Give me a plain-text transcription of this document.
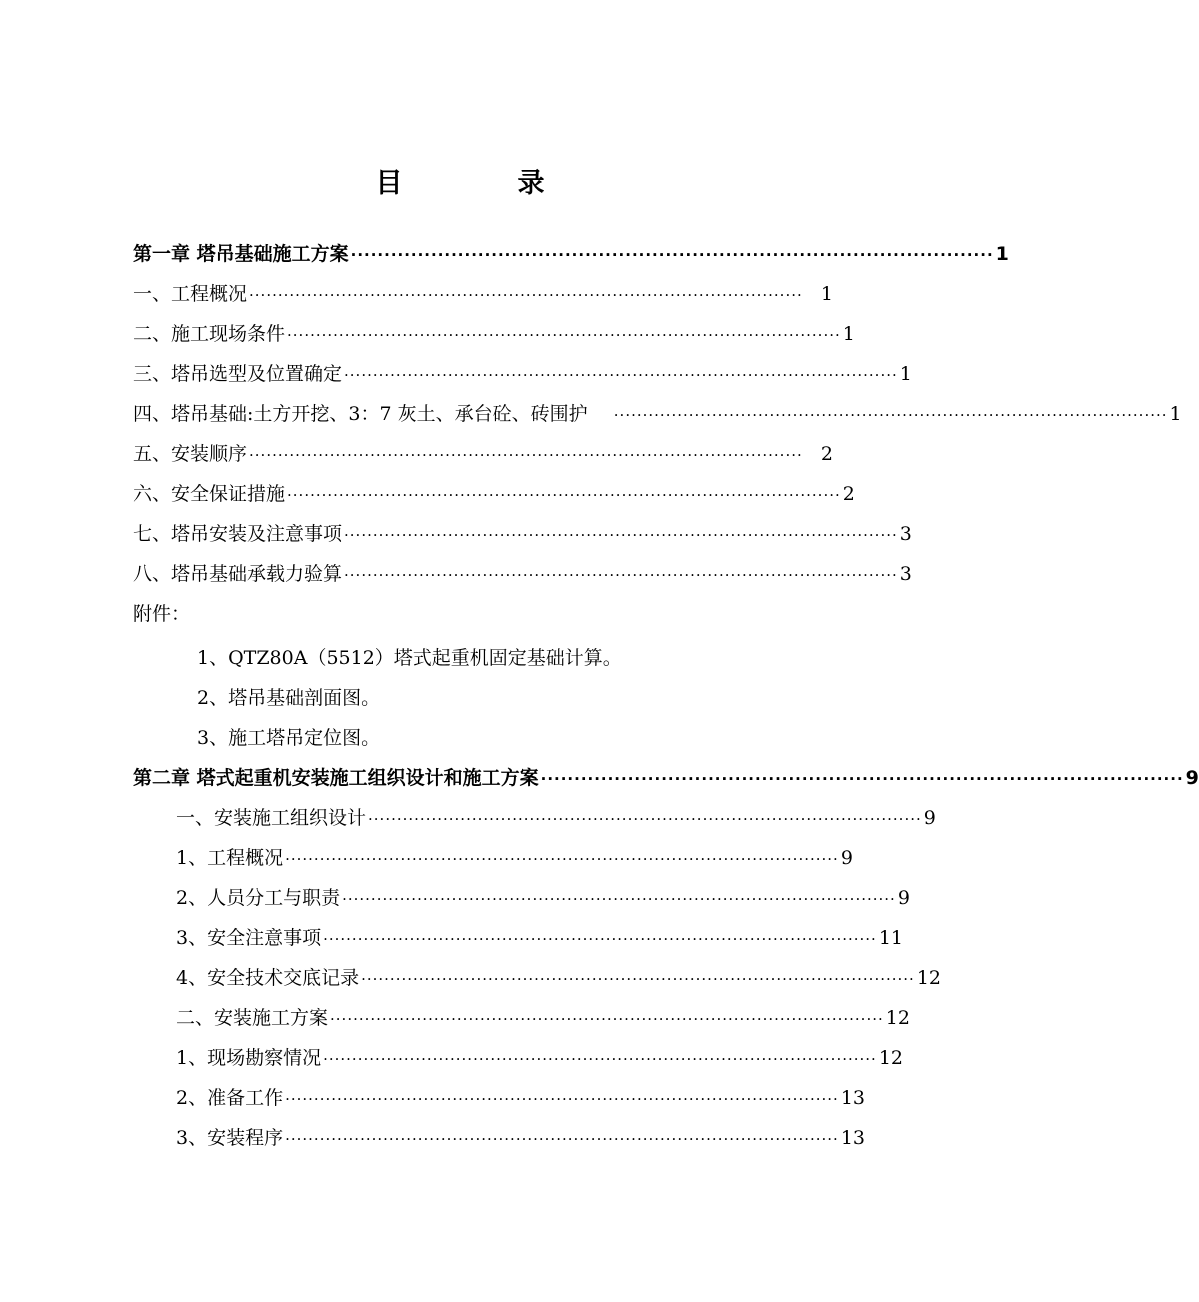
目	录
第一章 塔吊基础施工方案 ································································································ 1
一、工程概况 ································································································ 1
二、施工现场条件 ································································································ 1
三、塔吊选型及位置确定 ································································································ 1
四、塔吊基础:土方开挖、3：7 灰土、承台砼、砖围护 ································································································ 1
五、安装顺序 ································································································ 2
六、安全保证措施 ································································································ 2
七、塔吊安装及注意事项 ································································································ 3
八、塔吊基础承载力验算 ································································································ 3
附件：
1、QTZ80A（5512）塔式起重机固定基础计算。
2、塔吊基础剖面图。
3、施工塔吊定位图。
第二章 塔式起重机安装施工组织设计和施工方案 ································································································ 9
一、安装施工组织设计 ································································································ 9
1、工程概况 ································································································ 9
2、人员分工与职责 ································································································ 9
3、安全注意事项 ································································································ 11
4、安全技术交底记录 ································································································ 12
二、安装施工方案 ································································································ 12
1、现场勘察情况 ································································································ 12
2、准备工作 ································································································ 13
3、安装程序 ································································································ 13
